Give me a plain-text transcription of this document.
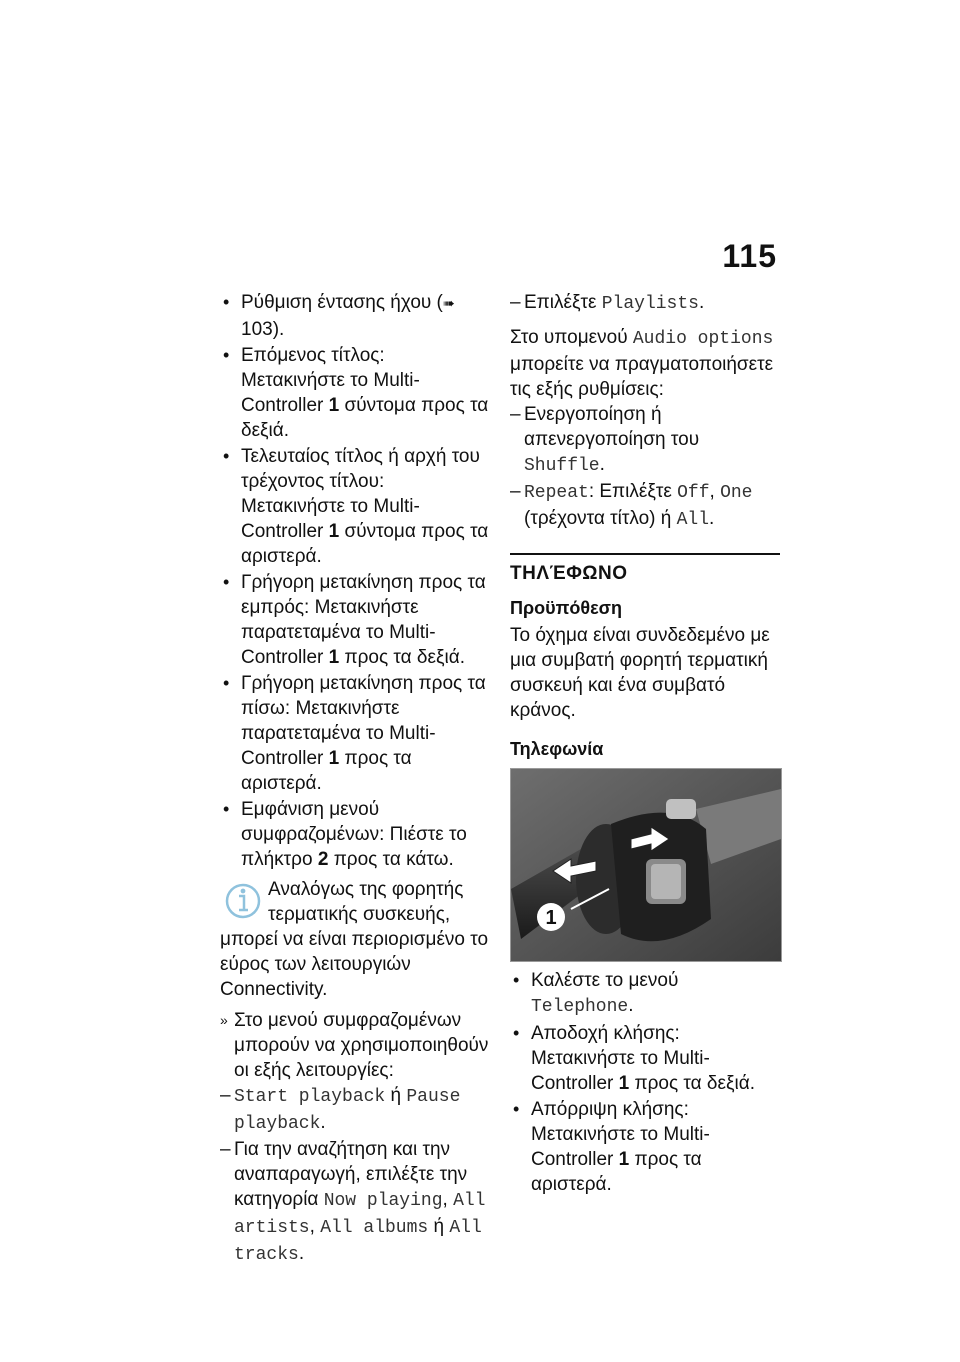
115
• Ρύθμιση έντασης ήχου (➠ 103).
• Επόμενος τίτλος: Μετακινήστε το Multi-Controller 1 σύντομα προς τα δεξιά.
• Τελευταίος τίτλος ή αρχή του τρέχοντος τίτλου: Μετακινήστε το Multi-Controller 1 σύντομα προς τα αριστερά.
• Γρήγορη μετακίνηση προς τα εμπρός: Μετακινήστε παρατεταμένα το Multi-Controller 1 προς τα δεξιά.
• Γρήγορη μετακίνηση προς τα πίσω: Μετακινήστε παρατεταμένα το Multi-Controller 1 προς τα αριστερά.
• Εμφάνιση μενού συμφραζομένων: Πιέστε το πλήκτρο 2 προς τα κάτω.

Αναλόγως της φορητής τερματικής συσκευής, μπορεί να είναι περιορισμένο το εύρος των λειτουργιών Connectivity.

» Στο μενού συμφραζομένων μπορούν να χρησιμοποιηθούν οι εξής λειτουργίες:
– Start playback ή Pause playback.
– Για την αναζήτηση και την αναπαραγωγή, επιλέξτε την κατηγορία Now playing, All artists, All albums ή All tracks.
– Επιλέξτε Playlists.

Στο υπομενού Audio options μπορείτε να πραγματοποιήσετε τις εξής ρυθμίσεις:

– Ενεργοποίηση ή απενεργοποίηση του Shuffle.
– Repeat: Επιλέξτε Off, One (τρέχοντα τίτλο) ή All.
ΤΗΛΈΦΩΝΟ
Προϋπόθεση

Το όχημα είναι συνδεδεμένο με μια συμβατή φορητή τερματική συσκευή και ένα συμβατό κράνος.

Τηλεφωνία
1
• Καλέστε το μενού Telephone.
• Αποδοχή κλήσης: Μετακινήστε το Multi-Controller 1 προς τα δεξιά.
• Απόρριψη κλήσης: Μετακινήστε το Multi-Controller 1 προς τα αριστερά.
